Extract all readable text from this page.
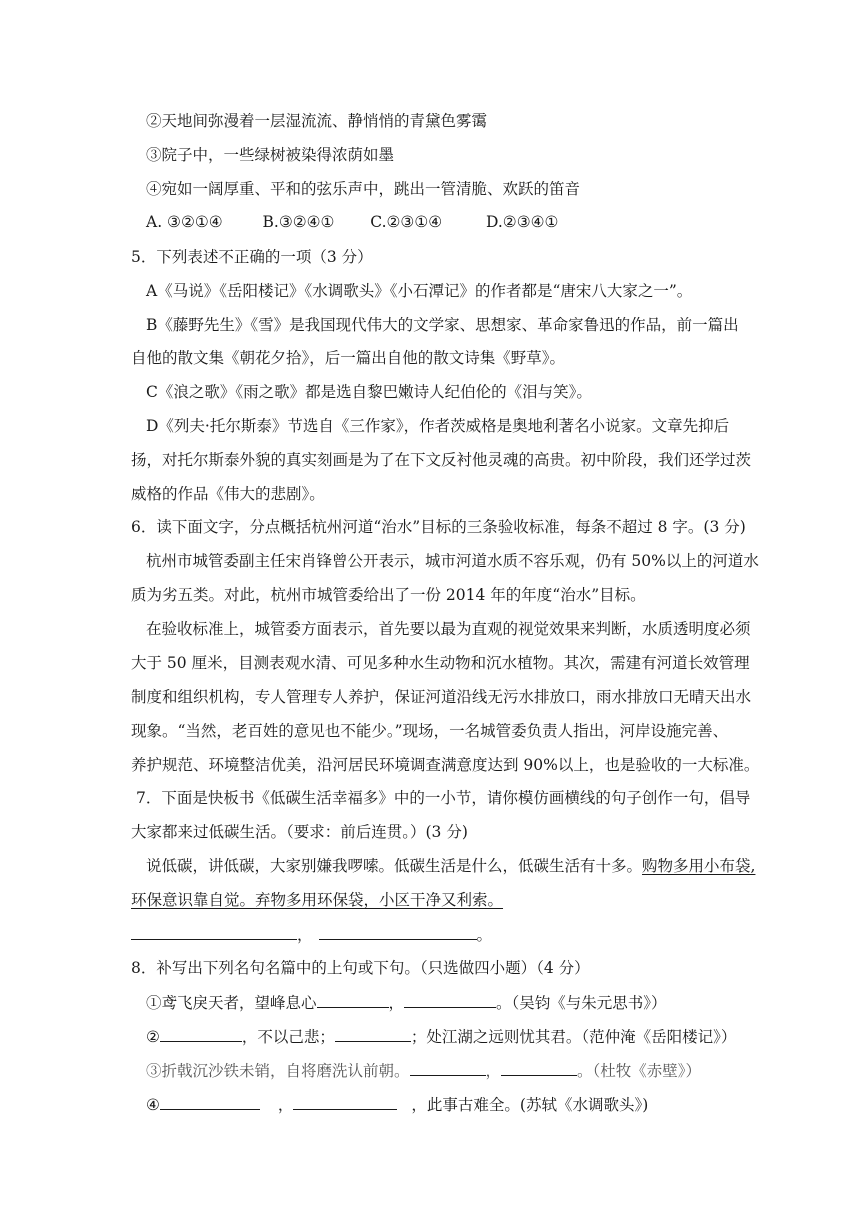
②天地间弥漫着一层湿流流、静悄悄的青黛色雾霭
③院子中，一些绿树被染得浓荫如墨
④宛如一阔厚重、平和的弦乐声中，跳出一管清脆、欢跃的笛音
A. ③②①④	B.③②④① C.②③①④	D.②③④①
5．下列表述不正确的一项（3 分）
A《马说》《岳阳楼记》《水调歌头》《小石潭记》的作者都是“唐宋八大家之一”。
B《藤野先生》《雪》是我国现代伟大的文学家、思想家、革命家鲁迅的作品，前一篇出
自他的散文集《朝花夕拾》，后一篇出自他的散文诗集《野草》。
C《浪之歌》《雨之歌》都是选自黎巴嫩诗人纪伯伦的《泪与笑》。
D《列夫·托尔斯泰》节选自《三作家》，作者茨威格是奥地利著名小说家。文章先抑后
扬，对托尔斯泰外貌的真实刻画是为了在下文反衬他灵魂的高贵。初中阶段，我们还学过茨
威格的作品《伟大的悲剧》。
6．读下面文字，分点概括杭州河道“治水”目标的三条验收标准，每条不超过 8 字。(3 分)
杭州市城管委副主任宋肖锋曾公开表示，城市河道水质不容乐观，仍有 50%以上的河道水
质为劣五类。对此，杭州市城管委给出了一份 2014 年的年度“治水”目标。
在验收标准上，城管委方面表示，首先要以最为直观的视觉效果来判断，水质透明度必须
大于 50 厘米，目测表观水清、可见多种水生动物和沉水植物。其次，需建有河道长效管理
制度和组织机构，专人管理专人养护，保证河道沿线无污水排放口，雨水排放口无晴天出水
现象。“当然，老百姓的意见也不能少。”现场，一名城管委负责人指出，河岸设施完善、
养护规范、环境整洁优美，沿河居民环境调查满意度达到 90%以上，也是验收的一大标准。
7．下面是快板书《低碳生活幸福多》中的一小节，请你模仿画横线的句子创作一句，倡导
大家都来过低碳生活。（要求：前后连贯。）(3 分)
说低碳，讲低碳，大家别嫌我啰嗦。低碳生活是什么，低碳生活有十多。购物多用小布袋,
环保意识靠自觉。弃物多用环保袋，小区干净又利索。
，	。
8．补写出下列名句名篇中的上句或下句。（只选做四小题）（4 分）
①鸢飞戾天者，望峰息心	，	。（吴钧《与朱元思书》）
②	，不以己悲；	；处江湖之远则忧其君。（范仲淹《岳阳楼记》）
③折戟沉沙铁未销，自将磨洗认前朝。	，	。（杜牧《赤壁》）
④	，	，此事古难全。(苏轼《水调歌头》)
